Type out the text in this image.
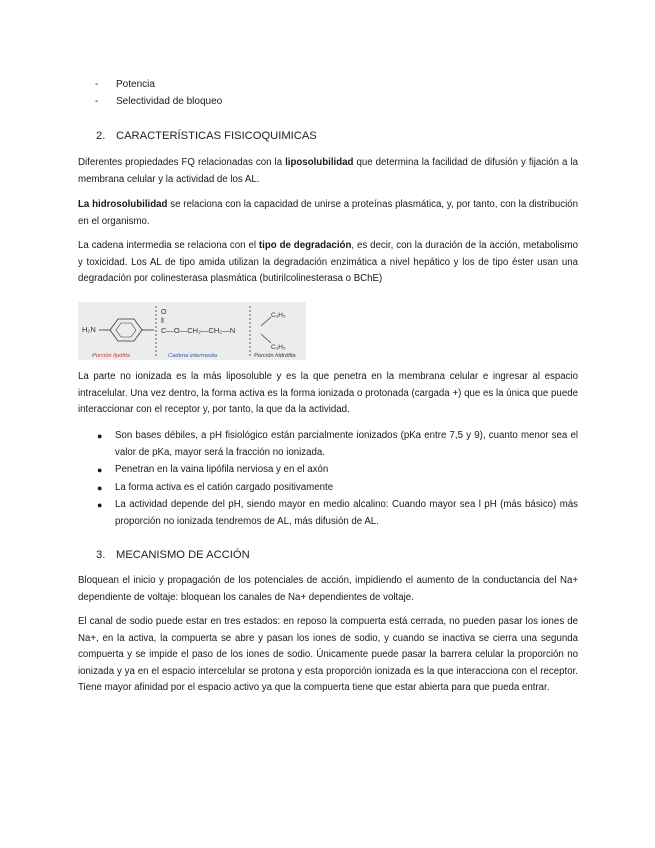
- Potencia
- Selectividad de bloqueo
2. CARACTERÍSTICAS FISICOQUIMICAS
Diferentes propiedades FQ relacionadas con la liposolubilidad que determina la facilidad de difusión y fijación a la membrana celular y la actividad de los AL.
La hidrosolubilidad se relaciona con la capacidad de unirse a proteínas plasmática, y, por tanto, con la distribución en el organismo.
La cadena intermedia se relaciona con el tipo de degradación, es decir, con la duración de la acción, metabolismo y toxicidad. Los AL de tipo amida utilizan la degradación enzimática a nivel hepático y los de tipo éster usan una degradación por colinesterasa plasmática (butirilcolinesterasa o BChE)
H₂N
O
‖
C—O—CH₂—CH₂—N
C₂H₅
C₂H₅
Porción lipófila	Cadena intermedia	Porción hidrófila
La parte no ionizada es la más liposoluble y es la que penetra en la membrana celular e ingresar al espacio intracelular. Una vez dentro, la forma activa es la forma ionizada o protonada (cargada +) que es la única que puede interaccionar con el receptor y, por tanto, la que da la actividad.
● Son bases débiles, a pH fisiológico están parcialmente ionizados (pKa entre 7,5 y 9), cuanto menor sea el valor de pKa, mayor será la fracción no ionizada.
● Penetran en la vaina lipófila nerviosa y en el axón
● La forma activa es el catión cargado positivamente
● La actividad depende del pH, siendo mayor en medio alcalino: Cuando mayor sea l pH (más básico) más proporción no ionizada tendremos de AL, más difusión de AL.
3. MECANISMO DE ACCIÓN
Bloquean el inicio y propagación de los potenciales de acción, impidiendo el aumento de la conductancia del Na+ dependiente de voltaje: bloquean los canales de Na+ dependientes de voltaje.
El canal de sodio puede estar en tres estados: en reposo la compuerta está cerrada, no pueden pasar los iones de Na+, en la activa, la compuerta se abre y pasan los iones de sodio, y cuando se inactiva se cierra una segunda compuerta y se impide el paso de los iones de sodio. Únicamente puede pasar la barrera celular la proporción no ionizada y ya en el espacio intercelular se protona y esta proporción ionizada es la que interacciona con el receptor. Tiene mayor afinidad por el espacio activo ya que la compuerta tiene que estar abierta para que pueda entrar.
